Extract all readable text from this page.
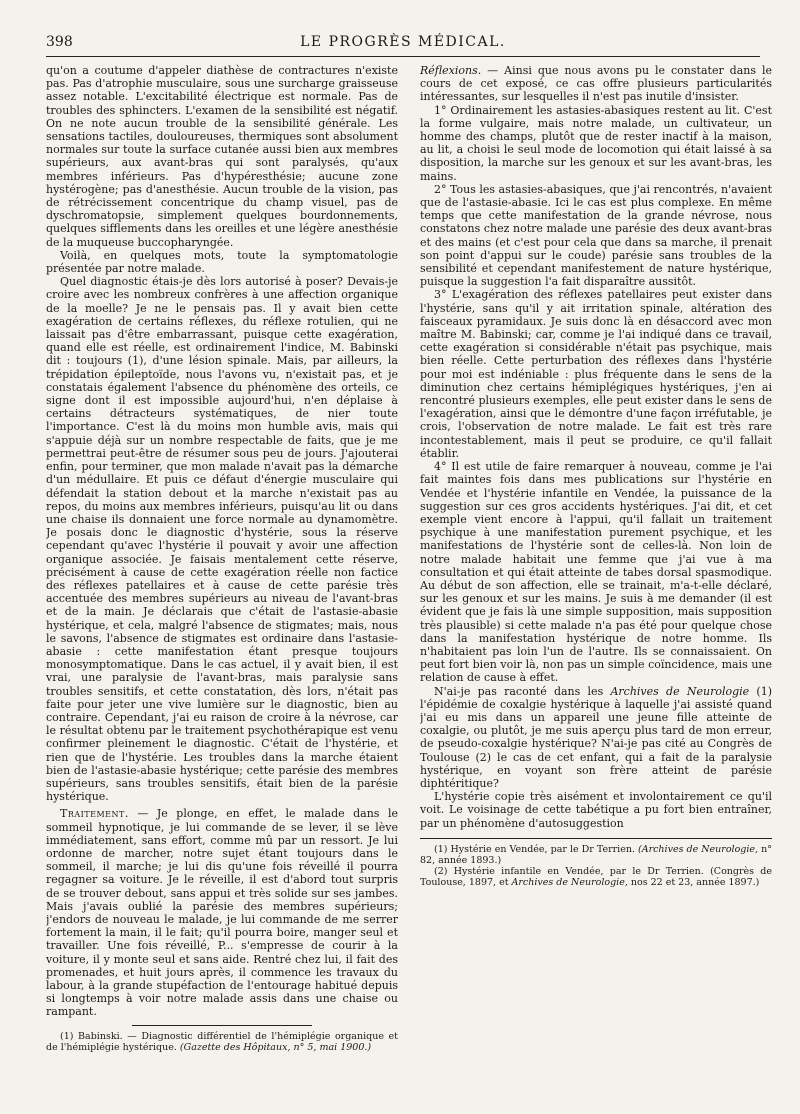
398	LE PROGRÈS MÉDICAL.

qu'on a coutume d'appeler diathèse de contractures n'existe pas. Pas d'atrophie musculaire, sous une surcharge graisseuse assez notable. L'excitabilité électrique est normale. Pas de troubles des sphincters. L'examen de la sensibilité est négatif. On ne note aucun trouble de la sensibilité générale. Les sensations tactiles, douloureuses, thermiques sont absolument normales sur toute la surface cutanée aussi bien aux membres supérieurs, aux avant-bras qui sont paralysés, qu'aux membres inférieurs. Pas d'hypéresthésie; aucune zone hystérogène; pas d'anesthésie. Aucun trouble de la vision, pas de rétrécissement concentrique du champ visuel, pas de dyschromatopsie, simplement quelques bourdonnements, quelques sifflements dans les oreilles et une légère anesthésie de la muqueuse buccopharyngée.

Voilà, en quelques mots, toute la symptomatologie présentée par notre malade.

Quel diagnostic étais-je dès lors autorisé à poser? Devais-je croire avec les nombreux confrères à une affection organique de la moelle? Je ne le pensais pas. Il y avait bien cette exagération de certains réflexes, du réflexe rotulien, qui ne laissait pas d'être embarrassant, puisque cette exagération, quand elle est réelle, est ordinairement l'indice, M. Babinski dit : toujours (1), d'une lésion spinale. Mais, par ailleurs, la trépidation épileptoïde, nous l'avons vu, n'existait pas, et je constatais également l'absence du phénomène des orteils, ce signe dont il est impossible aujourd'hui, n'en déplaise à certains détracteurs systématiques, de nier toute l'importance. C'est là du moins mon humble avis, mais qui s'appuie déjà sur un nombre respectable de faits, que je me permettrai peut-être de résumer sous peu de jours. J'ajouterai enfin, pour terminer, que mon malade n'avait pas la démarche d'un médullaire. Et puis ce défaut d'énergie musculaire qui défendait la station debout et la marche n'existait pas au repos, du moins aux membres inférieurs, puisqu'au lit ou dans une chaise ils donnaient une force normale au dynamomètre. Je posais donc le diagnostic d'hystérie, sous la réserve cependant qu'avec l'hystérie il pouvait y avoir une affection organique associée. Je faisais mentalement cette réserve, précisément à cause de cette exagération réelle non factice des réflexes patellaires et à cause de cette parésie très accentuée des membres supérieurs au niveau de l'avant-bras et de la main. Je déclarais que c'était de l'astasie-abasie hystérique, et cela, malgré l'absence de stigmates; mais, nous le savons, l'absence de stigmates est ordinaire dans l'astasie-abasie : cette manifestation étant presque toujours monosymptomatique. Dans le cas actuel, il y avait bien, il est vrai, une paralysie de l'avant-bras, mais paralysie sans troubles sensitifs, et cette constatation, dès lors, n'était pas faite pour jeter une vive lumière sur le diagnostic, bien au contraire. Cependant, j'ai eu raison de croire à la névrose, car le résultat obtenu par le traitement psychothérapique est venu confirmer pleinement le diagnostic. C'était de l'hystérie, et rien que de l'hystérie. Les troubles dans la marche étaient bien de l'astasie-abasie hystérique; cette parésie des membres supérieurs, sans troubles sensitifs, était bien de la parésie hystérique.

Traitement. — Je plonge, en effet, le malade dans le sommeil hypnotique, je lui commande de se lever, il se lève immédiatement, sans effort, comme mû par un ressort. Je lui ordonne de marcher, notre sujet étant toujours dans le sommeil, il marche; je lui dis qu'une fois réveillé il pourra regagner sa voiture. Je le réveille, il est d'abord tout surpris de se trouver debout, sans appui et très solide sur ses jambes. Mais j'avais oublié la parésie des membres supérieurs; j'endors de nouveau le malade, je lui commande de me serrer fortement la main, il le fait; qu'il pourra boire, manger seul et travailler. Une fois réveillé, P... s'empresse de courir à la voiture, il y monte seul et sans aide. Rentré chez lui, il fait des promenades, et huit jours après, il commence les travaux du labour, à la grande stupéfaction de l'entourage habitué depuis si longtemps à voir notre malade assis dans une chaise ou rampant.

(1) Babinski. — Diagnostic différentiel de l'hémiplégie organique et de l'hémiplégie hystérique. (Gazette des Hôpitaux, n° 5, mai 1900.)

Réflexions. — Ainsi que nous avons pu le constater dans le cours de cet exposé, ce cas offre plusieurs particularités intéressantes, sur lesquelles il n'est pas inutile d'insister.

1° Ordinairement les astasies-abasiques restent au lit. C'est la forme vulgaire, mais notre malade, un cultivateur, un homme des champs, plutôt que de rester inactif à la maison, au lit, a choisi le seul mode de locomotion qui était laissé à sa disposition, la marche sur les genoux et sur les avant-bras, les mains.

2° Tous les astasies-abasiques, que j'ai rencontrés, n'avaient que de l'astasie-abasie. Ici le cas est plus complexe. En même temps que cette manifestation de la grande névrose, nous constatons chez notre malade une parésie des deux avant-bras et des mains (et c'est pour cela que dans sa marche, il prenait son point d'appui sur le coude) parésie sans troubles de la sensibilité et cependant manifestement de nature hystérique, puisque la suggestion l'a fait disparaître aussitôt.

3° L'exagération des réflexes patellaires peut exister dans l'hystérie, sans qu'il y ait irritation spinale, altération des faisceaux pyramidaux. Je suis donc là en désaccord avec mon maître M. Babinski; car, comme je l'ai indiqué dans ce travail, cette exagération si considérable n'était pas psychique, mais bien réelle. Cette perturbation des réflexes dans l'hystérie pour moi est indéniable : plus fréquente dans le sens de la diminution chez certains hémiplégiques hystériques, j'en ai rencontré plusieurs exemples, elle peut exister dans le sens de l'exagération, ainsi que le démontre d'une façon irréfutable, je crois, l'observation de notre malade. Le fait est très rare incontestablement, mais il peut se produire, ce qu'il fallait établir.

4° Il est utile de faire remarquer à nouveau, comme je l'ai fait maintes fois dans mes publications sur l'hystérie en Vendée et l'hystérie infantile en Vendée, la puissance de la suggestion sur ces gros accidents hystériques. J'ai dit, et cet exemple vient encore à l'appui, qu'il fallait un traitement psychique à une manifestation purement psychique, et les manifestations de l'hystérie sont de celles-là. Non loin de notre malade habitait une femme que j'ai vue à ma consultation et qui était atteinte de tabes dorsal spasmodique. Au début de son affection, elle se trainait, m'a-t-elle déclaré, sur les genoux et sur les mains. Je suis à me demander (il est évident que je fais là une simple supposition, mais supposition très plausible) si cette malade n'a pas été pour quelque chose dans la manifestation hystérique de notre homme. Ils n'habitaient pas loin l'un de l'autre. Ils se connaissaient. On peut fort bien voir là, non pas un simple coïncidence, mais une relation de cause à effet.

N'ai-je pas raconté dans les Archives de Neurologie (1) l'épidémie de coxalgie hystérique à laquelle j'ai assisté quand j'ai eu mis dans un appareil une jeune fille atteinte de coxalgie, ou plutôt, je me suis aperçu plus tard de mon erreur, de pseudo-coxalgie hystérique? N'ai-je pas cité au Congrès de Toulouse (2) le cas de cet enfant, qui a fait de la paralysie hystérique, en voyant son frère atteint de parésie diphtéritique?

L'hystérie copie très aisément et involontairement ce qu'il voit. Le voisinage de cette tabétique a pu fort bien entraîner, par un phénomène d'autosuggestion

(1) Hystérie en Vendée, par le Dr Terrien. (Archives de Neurologie, n° 82, année 1893.)

(2) Hystérie infantile en Vendée, par le Dr Terrien. (Congrès de Toulouse, 1897, et Archives de Neurologie, nos 22 et 23, année 1897.)
